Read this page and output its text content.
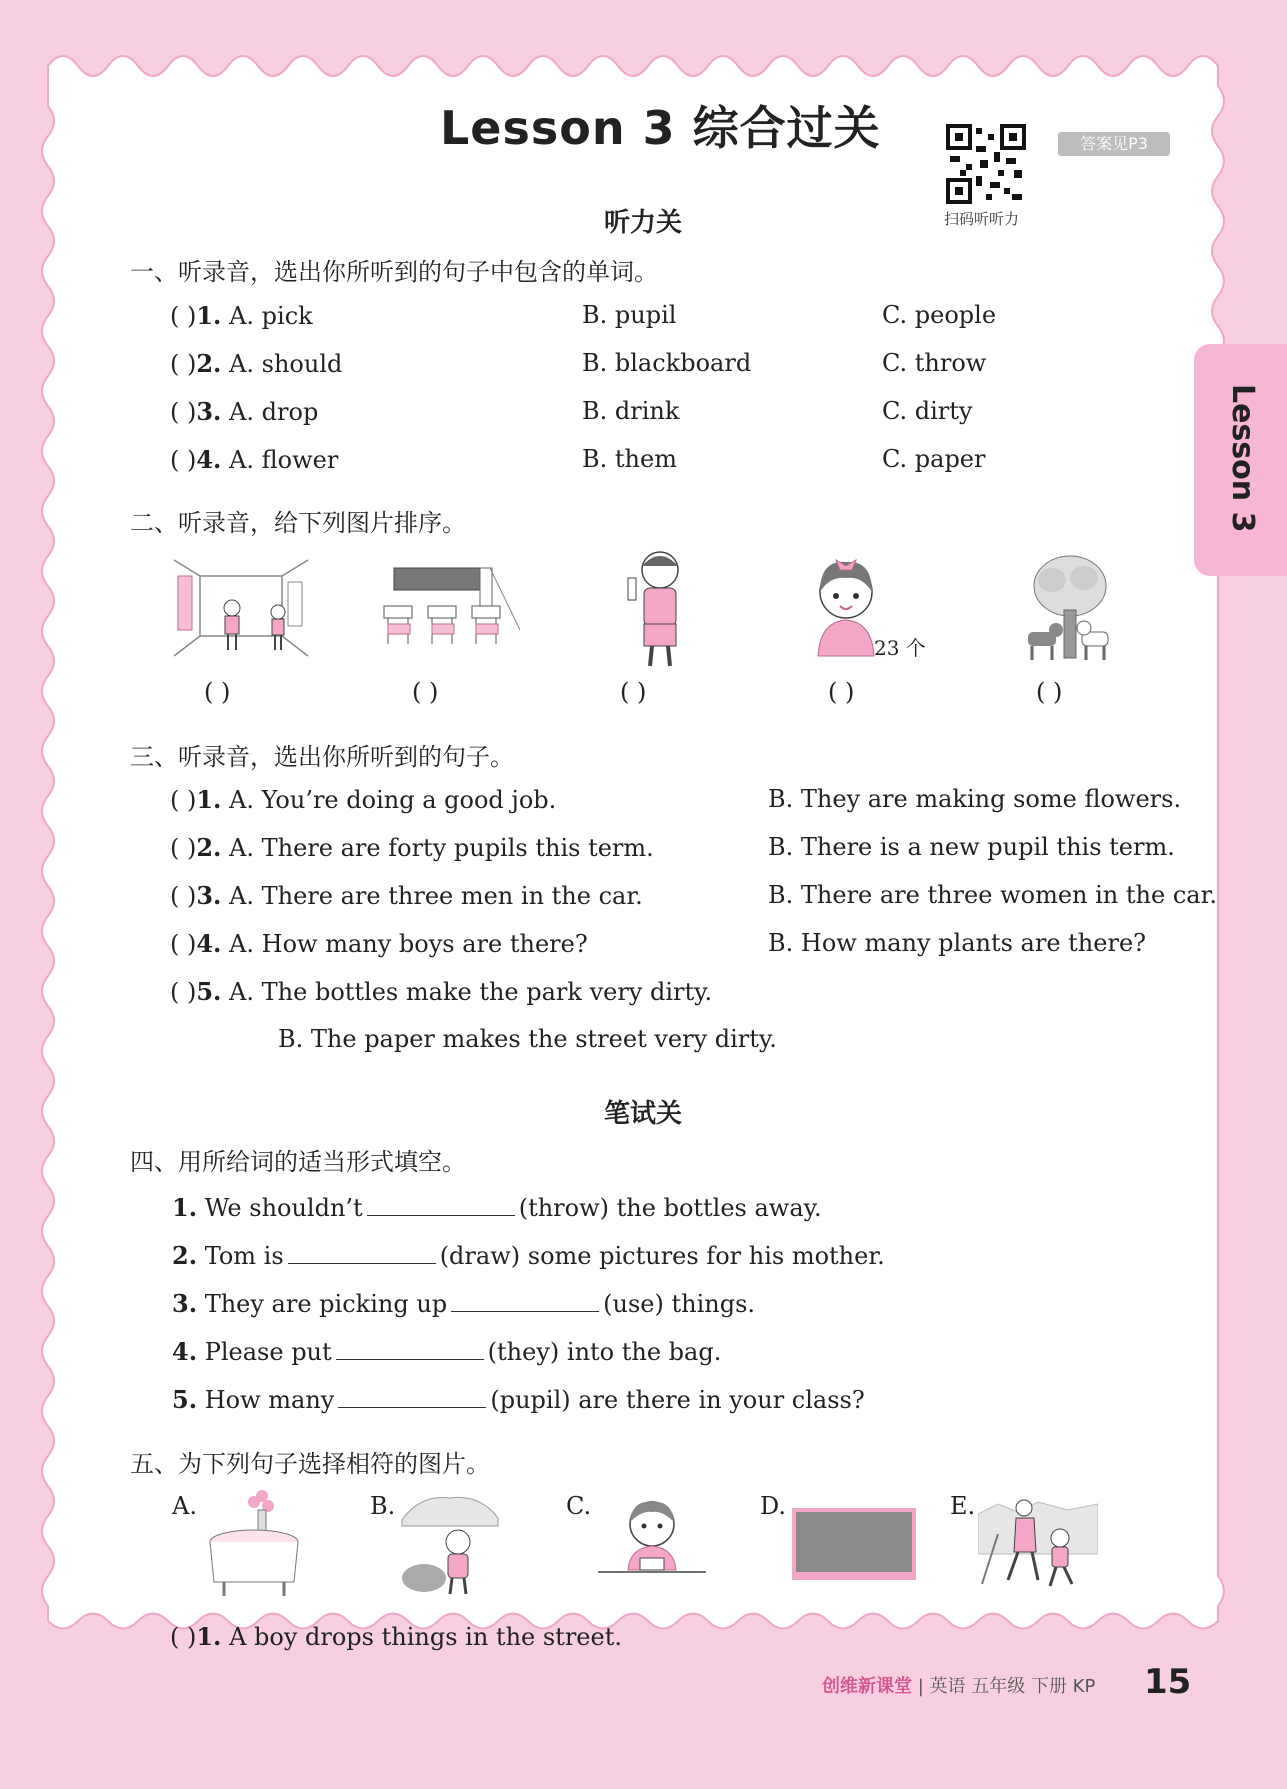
Lesson 3 综合过关
扫码听听力
答案见P3
Lesson 3
听力关
一、听录音，选出你所听到的句子中包含的单词。
( )1. A. pick	B. pupil	C. people
( )2. A. should	B. blackboard	C. throw
( )3. A. drop	B. drink	C. dirty
( )4. A. flower	B. them	C. paper
二、听录音，给下列图片排序。
23 个
( )	( )	( )	( )	( )
三、听录音，选出你所听到的句子。
( )1. A. You’re doing a good job.	B. They are making some flowers.
( )2. A. There are forty pupils this term.	B. There is a new pupil this term.
( )3. A. There are three men in the car.	B. There are three women in the car.
( )4. A. How many boys are there?	B. How many plants are there?
( )5. A. The bottles make the park very dirty.
B. The paper makes the street very dirty.
笔试关
四、用所给词的适当形式填空。
1. We shouldn’t	(throw) the bottles away.
2. Tom is	(draw) some pictures for his mother.
3. They are picking up	(use) things.
4. Please put	(they) into the bag.
5. How many	(pupil) are there in your class?
五、为下列句子选择相符的图片。
A.	B.	C.	D.	E.
( )1. A boy drops things in the street.
创维新课堂 | 英语 五年级 下册 KP 15
